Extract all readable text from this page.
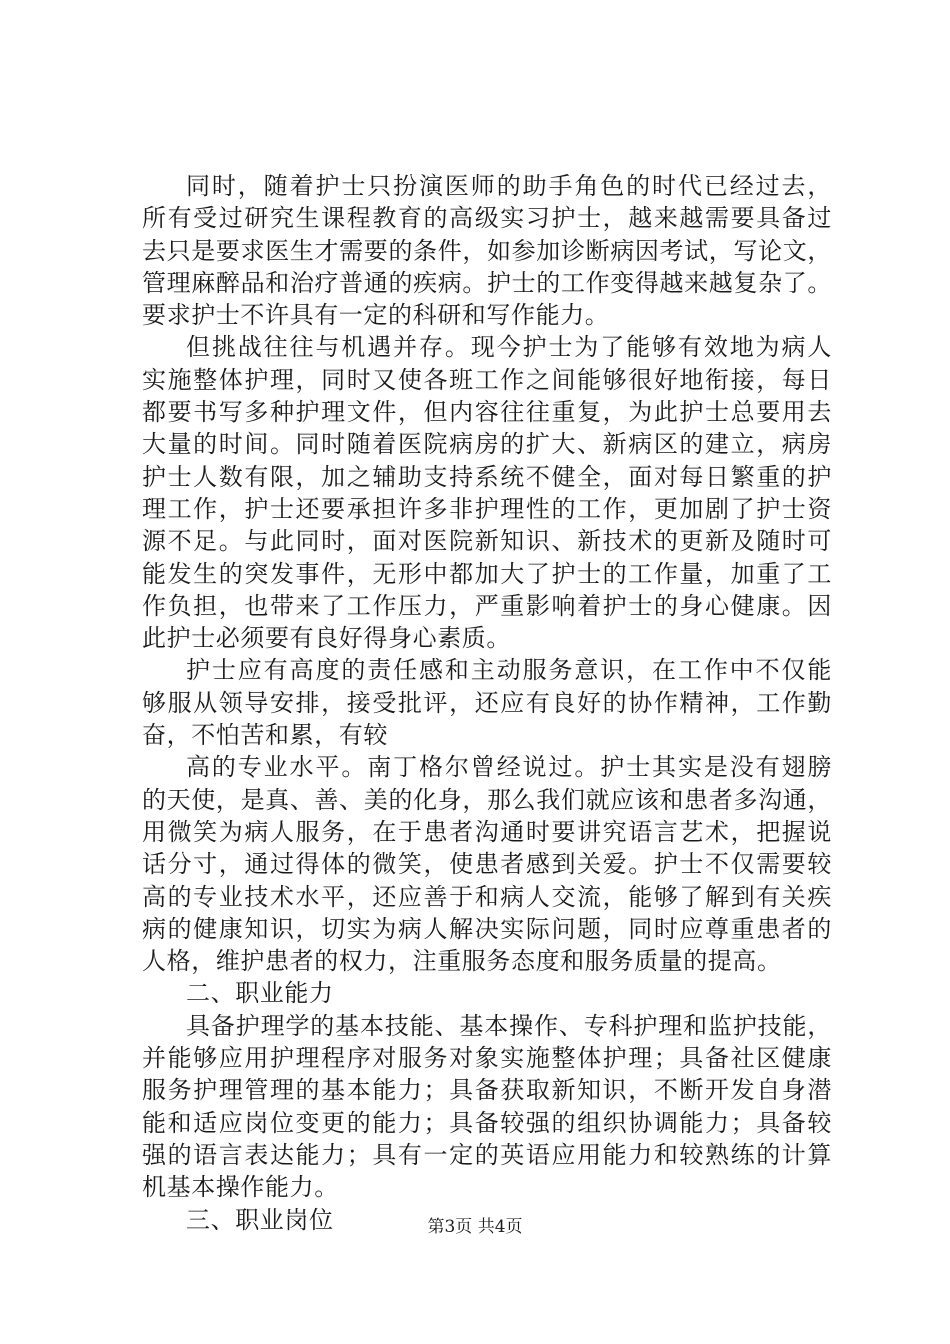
同时，随着护士只扮演医师的助手角色的时代已经过去，
所有受过研究生课程教育的高级实习护士，越来越需要具备过
去只是要求医生才需要的条件，如参加诊断病因考试，写论文，
管理麻醉品和治疗普通的疾病。护士的工作变得越来越复杂了。
要求护士不许具有一定的科研和写作能力。
但挑战往往与机遇并存。现今护士为了能够有效地为病人
实施整体护理，同时又使各班工作之间能够很好地衔接，每日
都要书写多种护理文件，但内容往往重复，为此护士总要用去
大量的时间。同时随着医院病房的扩大、新病区的建立，病房
护士人数有限，加之辅助支持系统不健全，面对每日繁重的护
理工作，护士还要承担许多非护理性的工作，更加剧了护士资
源不足。与此同时，面对医院新知识、新技术的更新及随时可
能发生的突发事件，无形中都加大了护士的工作量，加重了工
作负担，也带来了工作压力，严重影响着护士的身心健康。因
此护士必须要有良好得身心素质。
护士应有高度的责任感和主动服务意识，在工作中不仅能
够服从领导安排，接受批评，还应有良好的协作精神，工作勤
奋，不怕苦和累，有较
高的专业水平。南丁格尔曾经说过。护士其实是没有翅膀
的天使，是真、善、美的化身，那么我们就应该和患者多沟通，
用微笑为病人服务，在于患者沟通时要讲究语言艺术，把握说
话分寸，通过得体的微笑，使患者感到关爱。护士不仅需要较
高的专业技术水平，还应善于和病人交流，能够了解到有关疾
病的健康知识，切实为病人解决实际问题，同时应尊重患者的
人格，维护患者的权力，注重服务态度和服务质量的提高。
二、职业能力
具备护理学的基本技能、基本操作、专科护理和监护技能，
并能够应用护理程序对服务对象实施整体护理；具备社区健康
服务护理管理的基本能力；具备获取新知识，不断开发自身潜
能和适应岗位变更的能力；具备较强的组织协调能力；具备较
强的语言表达能力；具有一定的英语应用能力和较熟练的计算
机基本操作能力。
三、职业岗位	第3页 共4页
